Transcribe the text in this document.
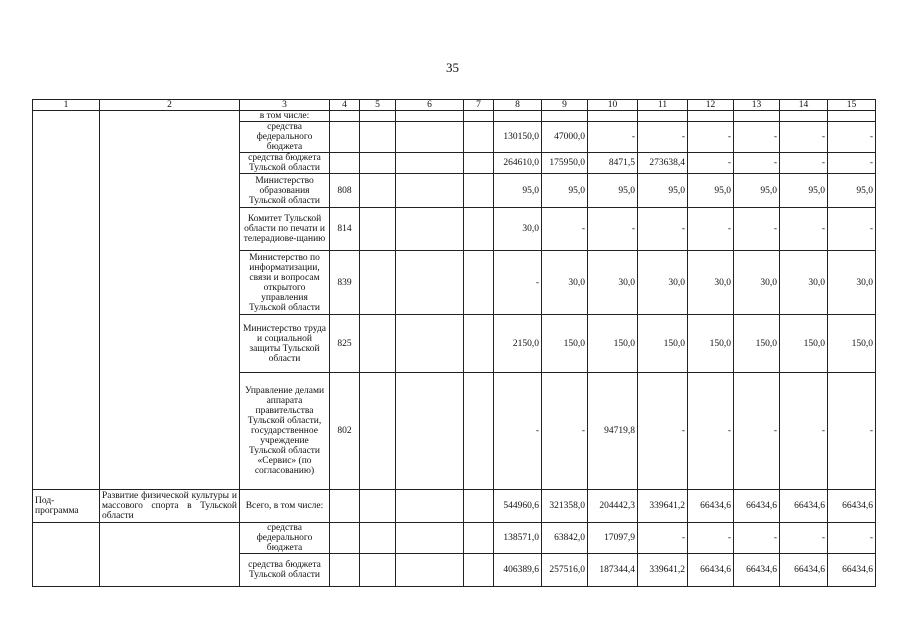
35
1	2	3	4	5	6	7	8	9	10	11	12	13	14	15
		в том числе:												
		средства федерального бюджета					130150,0	47000,0	-	-	-	-	-	-
		средства бюджета Тульской области					264610,0	175950,0	8471,5	273638,4	-	-	-	-
		Министерство образования Тульской области	808				95,0	95,0	95,0	95,0	95,0	95,0	95,0	95,0
		Комитет Тульской области по печати и телерадиове-щанию	814				30,0	-	-	-	-	-	-	-
		Министерство по информатизации, связи и вопросам открытого управления Тульской области	839				-	30,0	30,0	30,0	30,0	30,0	30,0	30,0
		Министерство труда и социальной защиты Тульской области	825				2150,0	150,0	150,0	150,0	150,0	150,0	150,0	150,0
		Управление делами аппарата правительства Тульской области, государственное учреждение Тульской области «Сервис» (по согласованию)	802				-	-	94719,8	-	-	-	-	-
Под-программа	Развитие физической культуры и массового спорта в Тульской области	Всего, в том числе:					544960,6	321358,0	204442,3	339641,2	66434,6	66434,6	66434,6	66434,6
		средства федерального бюджета					138571,0	63842,0	17097,9	-	-	-	-	-
		средства бюджета Тульской области					406389,6	257516,0	187344,4	339641,2	66434,6	66434,6	66434,6	66434,6
